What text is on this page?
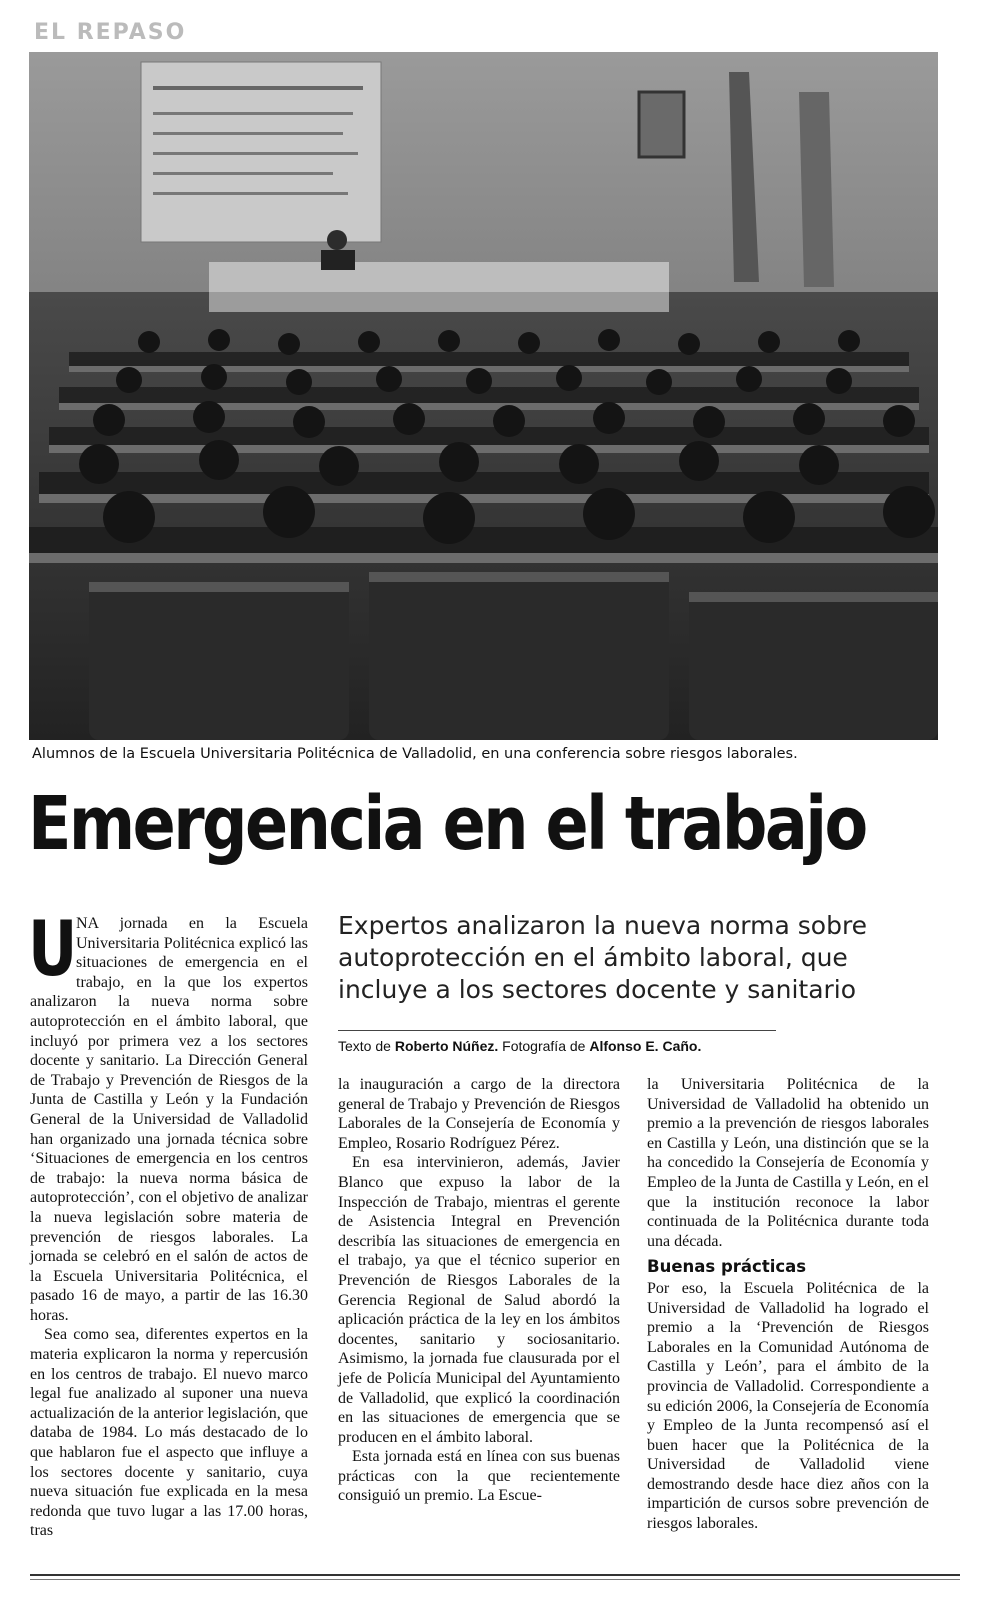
EL REPASO
Alumnos de la Escuela Universitaria Politécnica de Valladolid, en una conferencia sobre riesgos laborales.
Emergencia en el trabajo
Expertos analizaron la nueva norma sobre autoprotección en el ámbito laboral, que incluye a los sectores docente y sanitario
Texto de Roberto Núñez. Fotografía de Alfonso E. Caño.

U
NA jornada en la Escuela Universitaria Politécnica explicó las situaciones de emergencia en el trabajo, en la que los expertos analizaron la nueva norma sobre autoprotección en el ámbito laboral, que incluyó por primera vez a los sectores docente y sanitario. La Dirección General de Trabajo y Prevención de Riesgos de la Junta de Castilla y León y la Fundación General de la Universidad de Valladolid han organizado una jornada técnica sobre ‘Situaciones de emergencia en los centros de trabajo: la nueva norma básica de autoprotección’, con el objetivo de analizar la nueva legislación sobre materia de prevención de riesgos laborales. La jornada se celebró en el salón de actos de la Escuela Universitaria Politécnica, el pasado 16 de mayo, a partir de las 16.30 horas.

Sea como sea, diferentes expertos en la materia explicaron la norma y repercusión en los centros de trabajo. El nuevo marco legal fue analizado al suponer una nueva actualización de la anterior legislación, que databa de 1984. Lo más destacado de lo que hablaron fue el aspecto que influye a los sectores docente y sanitario, cuya nueva situación fue explicada en la mesa redonda que tuvo lugar a las 17.00 horas, tras

la inauguración a cargo de la directora general de Trabajo y Prevención de Riesgos Laborales de la Consejería de Economía y Empleo, Rosario Rodríguez Pérez.

En esa intervinieron, además, Javier Blanco que expuso la labor de la Inspección de Trabajo, mientras el gerente de Asistencia Integral en Prevención describía las situaciones de emergencia en el trabajo, ya que el técnico superior en Prevención de Riesgos Laborales de la Gerencia Regional de Salud abordó la aplicación práctica de la ley en los ámbitos docentes, sanitario y sociosanitario. Asimismo, la jornada fue clausurada por el jefe de Policía Municipal del Ayuntamiento de Valladolid, que explicó la coordinación en las situaciones de emergencia que se producen en el ámbito laboral.

Esta jornada está en línea con sus buenas prácticas con la que recientemente consiguió un premio. La Escue-

la Universitaria Politécnica de la Universidad de Valladolid ha obtenido un premio a la prevención de riesgos laborales en Castilla y León, una distinción que se la ha concedido la Consejería de Economía y Empleo de la Junta de Castilla y León, en el que la institución reconoce la labor continuada de la Politécnica durante toda una década.

Buenas prácticas

Por eso, la Escuela Politécnica de la Universidad de Valladolid ha logrado el premio a la ‘Prevención de Riesgos Laborales en la Comunidad Autónoma de Castilla y León’, para el ámbito de la provincia de Valladolid. Correspondiente a su edición 2006, la Consejería de Economía y Empleo de la Junta recompensó así el buen hacer que la Politécnica de la Universidad de Valladolid viene demostrando desde hace diez años con la impartición de cursos sobre prevención de riesgos laborales.
